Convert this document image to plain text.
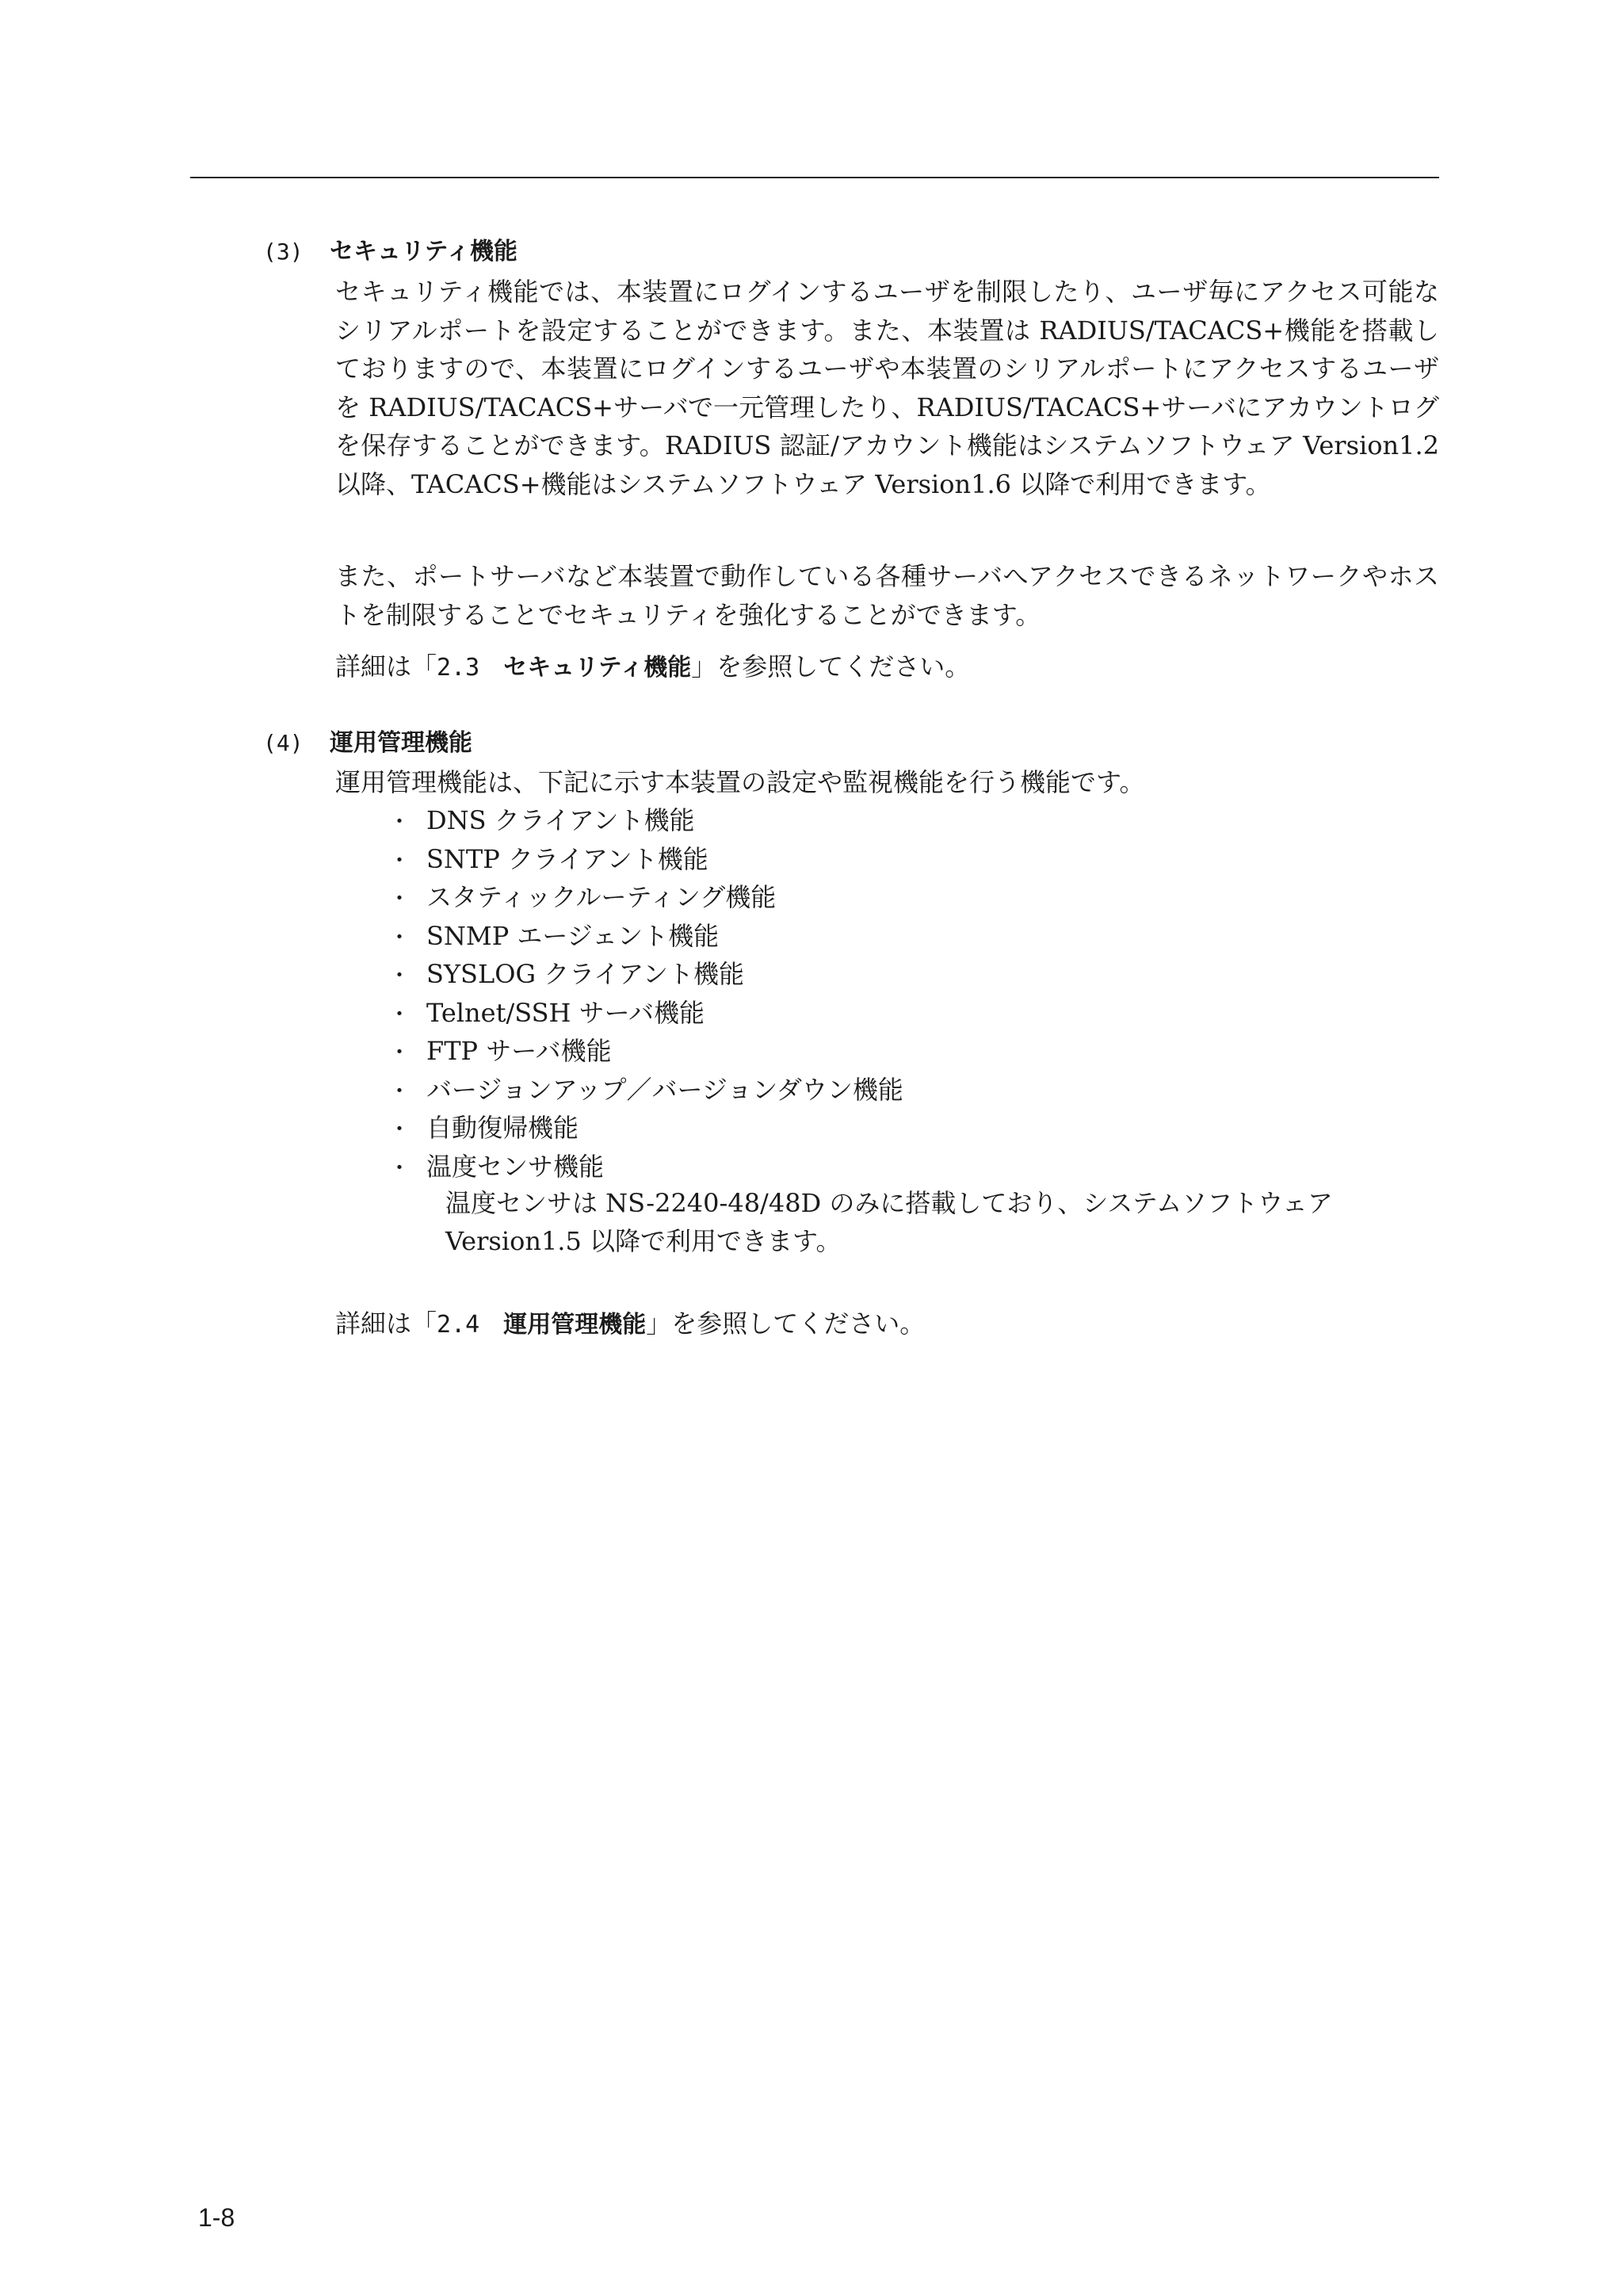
(3) セキュリティ機能
セキュリティ機能では、本装置にログインするユーザを制限したり、ユーザ毎にアクセス可能なシリアルポートを設定することができます。また、本装置は RADIUS/TACACS+機能を搭載しておりますので、本装置にログインするユーザや本装置のシリアルポートにアクセスするユーザを RADIUS/TACACS+サーバで一元管理したり、RADIUS/TACACS+サーバにアカウントログを保存することができます。RADIUS 認証/アカウント機能はシステムソフトウェア Version1.2 以降、TACACS+機能はシステムソフトウェア Version1.6 以降で利用できます。
また、ポートサーバなど本装置で動作している各種サーバへアクセスできるネットワークやホストを制限することでセキュリティを強化することができます。
詳細は「2.3　セキュリティ機能」を参照してください。
(4) 運用管理機能
運用管理機能は、下記に示す本装置の設定や監視機能を行う機能です。
・ DNS クライアント機能
・ SNTP クライアント機能
・ スタティックルーティング機能
・ SNMP エージェント機能
・ SYSLOG クライアント機能
・ Telnet/SSH サーバ機能
・ FTP サーバ機能
・ バージョンアップ／バージョンダウン機能
・ 自動復帰機能
・ 温度センサ機能
温度センサは NS-2240-48/48D のみに搭載しており、システムソフトウェア
Version1.5 以降で利用できます。
詳細は「2.4　運用管理機能」を参照してください。
1-8
